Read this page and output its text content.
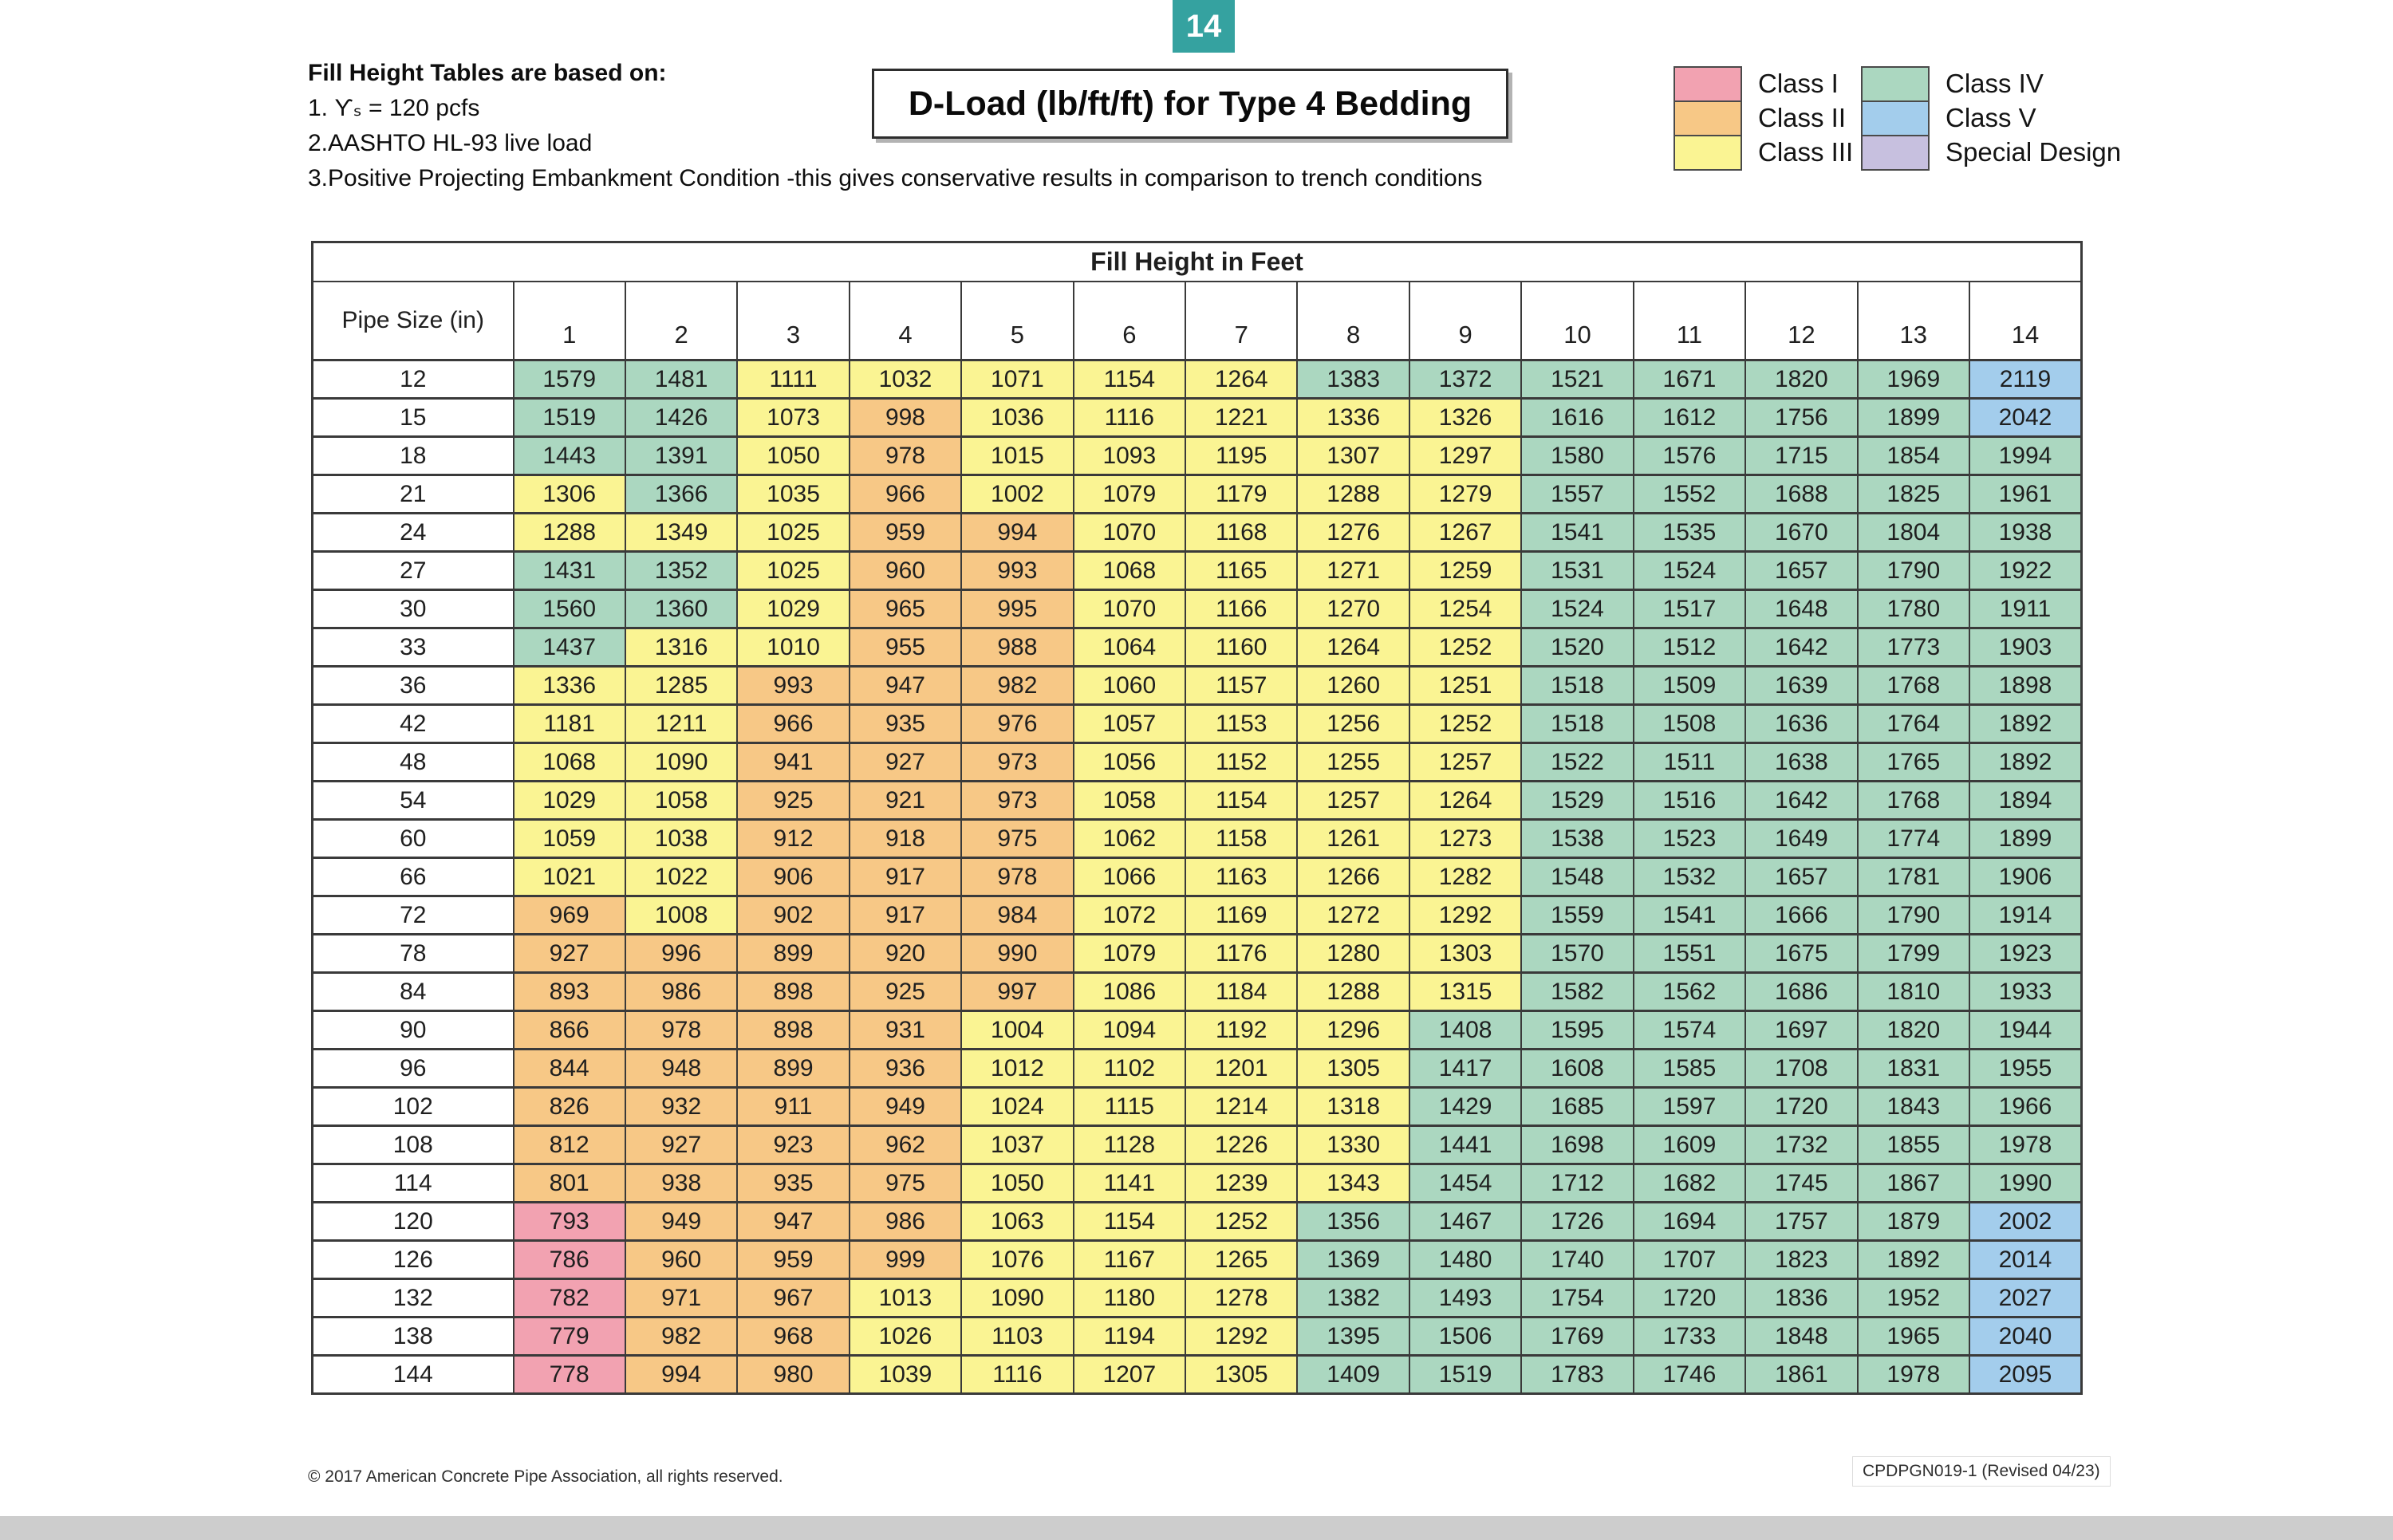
14
Fill Height Tables are based on:
1. ϒₛ = 120 pcfs
2.AASHTO HL-93 live load
3.Positive Projecting Embankment Condition -this gives conservative results in comparison to trench conditions
D-Load (lb/ft/ft) for Type 4 Bedding
Class I
Class II
Class III
Class IV
Class V
Special Design
Fill Height in Feet														
Pipe Size (in)	1	2	3	4	5	6	7	8	9	10	11	12	13	14
12	1579	1481	1111	1032	1071	1154	1264	1383	1372	1521	1671	1820	1969	2119
15	1519	1426	1073	998	1036	1116	1221	1336	1326	1616	1612	1756	1899	2042
18	1443	1391	1050	978	1015	1093	1195	1307	1297	1580	1576	1715	1854	1994
21	1306	1366	1035	966	1002	1079	1179	1288	1279	1557	1552	1688	1825	1961
24	1288	1349	1025	959	994	1070	1168	1276	1267	1541	1535	1670	1804	1938
27	1431	1352	1025	960	993	1068	1165	1271	1259	1531	1524	1657	1790	1922
30	1560	1360	1029	965	995	1070	1166	1270	1254	1524	1517	1648	1780	1911
33	1437	1316	1010	955	988	1064	1160	1264	1252	1520	1512	1642	1773	1903
36	1336	1285	993	947	982	1060	1157	1260	1251	1518	1509	1639	1768	1898
42	1181	1211	966	935	976	1057	1153	1256	1252	1518	1508	1636	1764	1892
48	1068	1090	941	927	973	1056	1152	1255	1257	1522	1511	1638	1765	1892
54	1029	1058	925	921	973	1058	1154	1257	1264	1529	1516	1642	1768	1894
60	1059	1038	912	918	975	1062	1158	1261	1273	1538	1523	1649	1774	1899
66	1021	1022	906	917	978	1066	1163	1266	1282	1548	1532	1657	1781	1906
72	969	1008	902	917	984	1072	1169	1272	1292	1559	1541	1666	1790	1914
78	927	996	899	920	990	1079	1176	1280	1303	1570	1551	1675	1799	1923
84	893	986	898	925	997	1086	1184	1288	1315	1582	1562	1686	1810	1933
90	866	978	898	931	1004	1094	1192	1296	1408	1595	1574	1697	1820	1944
96	844	948	899	936	1012	1102	1201	1305	1417	1608	1585	1708	1831	1955
102	826	932	911	949	1024	1115	1214	1318	1429	1685	1597	1720	1843	1966
108	812	927	923	962	1037	1128	1226	1330	1441	1698	1609	1732	1855	1978
114	801	938	935	975	1050	1141	1239	1343	1454	1712	1682	1745	1867	1990
120	793	949	947	986	1063	1154	1252	1356	1467	1726	1694	1757	1879	2002
126	786	960	959	999	1076	1167	1265	1369	1480	1740	1707	1823	1892	2014
132	782	971	967	1013	1090	1180	1278	1382	1493	1754	1720	1836	1952	2027
138	779	982	968	1026	1103	1194	1292	1395	1506	1769	1733	1848	1965	2040
144	778	994	980	1039	1116	1207	1305	1409	1519	1783	1746	1861	1978	2095
© 2017 American Concrete Pipe Association, all rights reserved.	CPDPGN019-1 (Revised 04/23)
